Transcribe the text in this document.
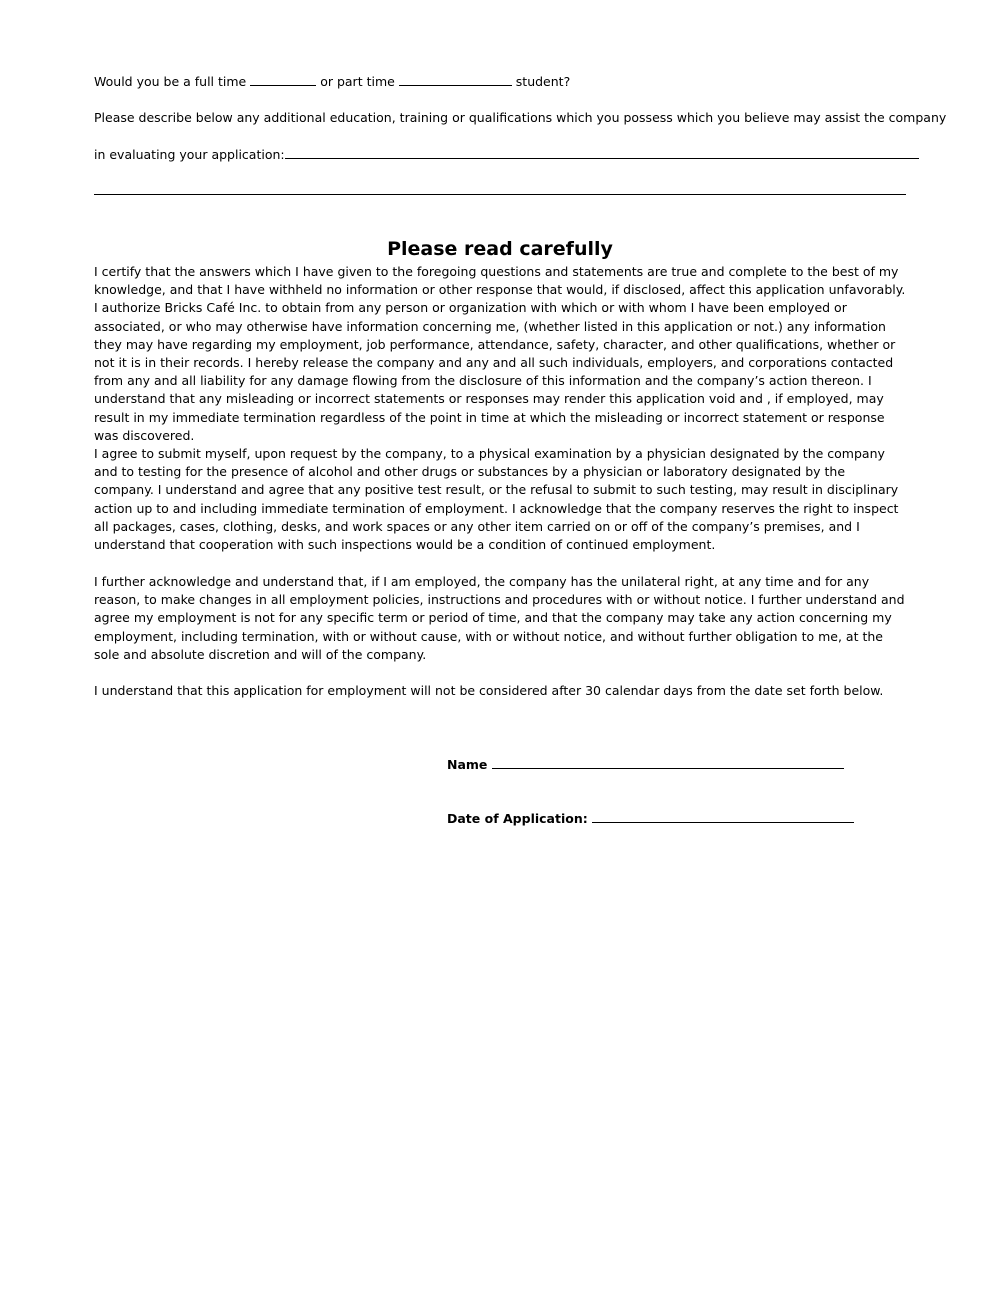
Would you be a full time	or part time	student?
Please describe below any additional education, training or qualifications which you possess which you believe may assist the company
in evaluating your application:
Please read carefully
I certify that the answers which I have given to the foregoing questions and statements are true and complete to the best of my knowledge, and that I have withheld no information or other response that would, if disclosed, affect this application unfavorably. I authorize Bricks Café Inc. to obtain from any person or organization with which or with whom I have been employed or associated, or who may otherwise have information concerning me, (whether listed in this application or not.) any information they may have regarding my employment, job performance, attendance, safety, character, and other qualifications, whether or not it is in their records. I hereby release the company and any and all such individuals, employers, and corporations contacted from any and all liability for any damage flowing from the disclosure of this information and the company’s action thereon. I understand that any misleading or incorrect statements or responses may render this application void and , if employed, may result in my immediate termination regardless of the point in time at which the misleading or incorrect statement or response was discovered.
I agree to submit myself, upon request by the company, to a physical examination by a physician designated by the company and to testing for the presence of alcohol and other drugs or substances by a physician or laboratory designated by the company. I understand and agree that any positive test result, or the refusal to submit to such testing, may result in disciplinary action up to and including immediate termination of employment. I acknowledge that the company reserves the right to inspect all packages, cases, clothing, desks, and work spaces or any other item carried on or off of the company’s premises, and I understand that cooperation with such inspections would be a condition of continued employment.
I further acknowledge and understand that, if I am employed, the company has the unilateral right, at any time and for any reason, to make changes in all employment policies, instructions and procedures with or without notice. I further understand and agree my employment is not for any specific term or period of time, and that the company may take any action concerning my employment, including termination, with or without cause, with or without notice, and without further obligation to me, at the sole and absolute discretion and will of the company.
I understand that this application for employment will not be considered after 30 calendar days from the date set forth below.
Name
Date of Application:
